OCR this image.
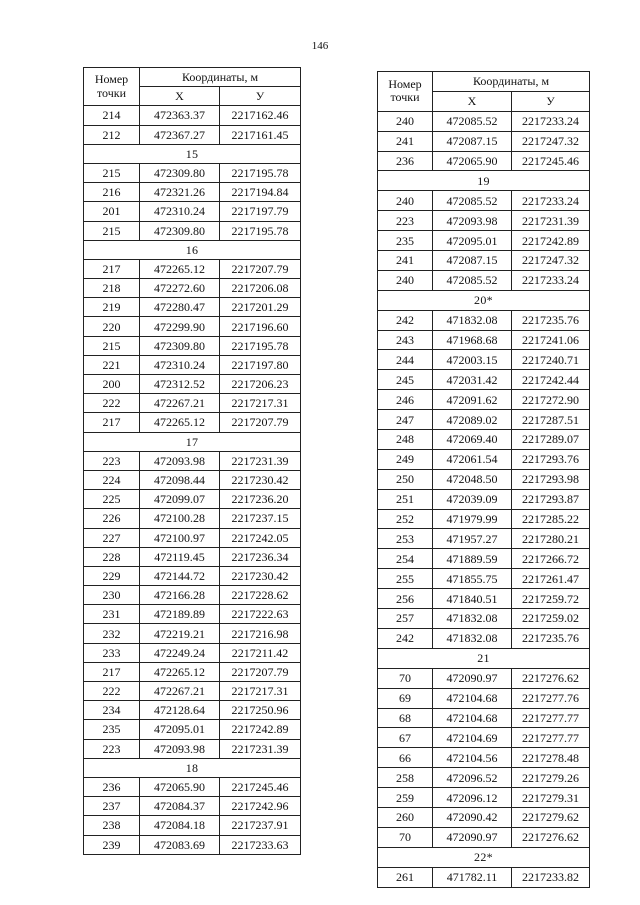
146
Номер
точки	Координаты, м	
	X	У
214	472363.37	2217162.46
212	472367.27	2217161.45
15		
215	472309.80	2217195.78
216	472321.26	2217194.84
201	472310.24	2217197.79
215	472309.80	2217195.78
16		
217	472265.12	2217207.79
218	472272.60	2217206.08
219	472280.47	2217201.29
220	472299.90	2217196.60
215	472309.80	2217195.78
221	472310.24	2217197.80
200	472312.52	2217206.23
222	472267.21	2217217.31
217	472265.12	2217207.79
17		
223	472093.98	2217231.39
224	472098.44	2217230.42
225	472099.07	2217236.20
226	472100.28	2217237.15
227	472100.97	2217242.05
228	472119.45	2217236.34
229	472144.72	2217230.42
230	472166.28	2217228.62
231	472189.89	2217222.63
232	472219.21	2217216.98
233	472249.24	2217211.42
217	472265.12	2217207.79
222	472267.21	2217217.31
234	472128.64	2217250.96
235	472095.01	2217242.89
223	472093.98	2217231.39
18		
236	472065.90	2217245.46
237	472084.37	2217242.96
238	472084.18	2217237.91
239	472083.69	2217233.63
Номер
точки	Координаты, м	
	X	У
240	472085.52	2217233.24
241	472087.15	2217247.32
236	472065.90	2217245.46
19		
240	472085.52	2217233.24
223	472093.98	2217231.39
235	472095.01	2217242.89
241	472087.15	2217247.32
240	472085.52	2217233.24
20*		
242	471832.08	2217235.76
243	471968.68	2217241.06
244	472003.15	2217240.71
245	472031.42	2217242.44
246	472091.62	2217272.90
247	472089.02	2217287.51
248	472069.40	2217289.07
249	472061.54	2217293.76
250	472048.50	2217293.98
251	472039.09	2217293.87
252	471979.99	2217285.22
253	471957.27	2217280.21
254	471889.59	2217266.72
255	471855.75	2217261.47
256	471840.51	2217259.72
257	471832.08	2217259.02
242	471832.08	2217235.76
21		
70	472090.97	2217276.62
69	472104.68	2217277.76
68	472104.68	2217277.77
67	472104.69	2217277.77
66	472104.56	2217278.48
258	472096.52	2217279.26
259	472096.12	2217279.31
260	472090.42	2217279.62
70	472090.97	2217276.62
22*		
261	471782.11	2217233.82
